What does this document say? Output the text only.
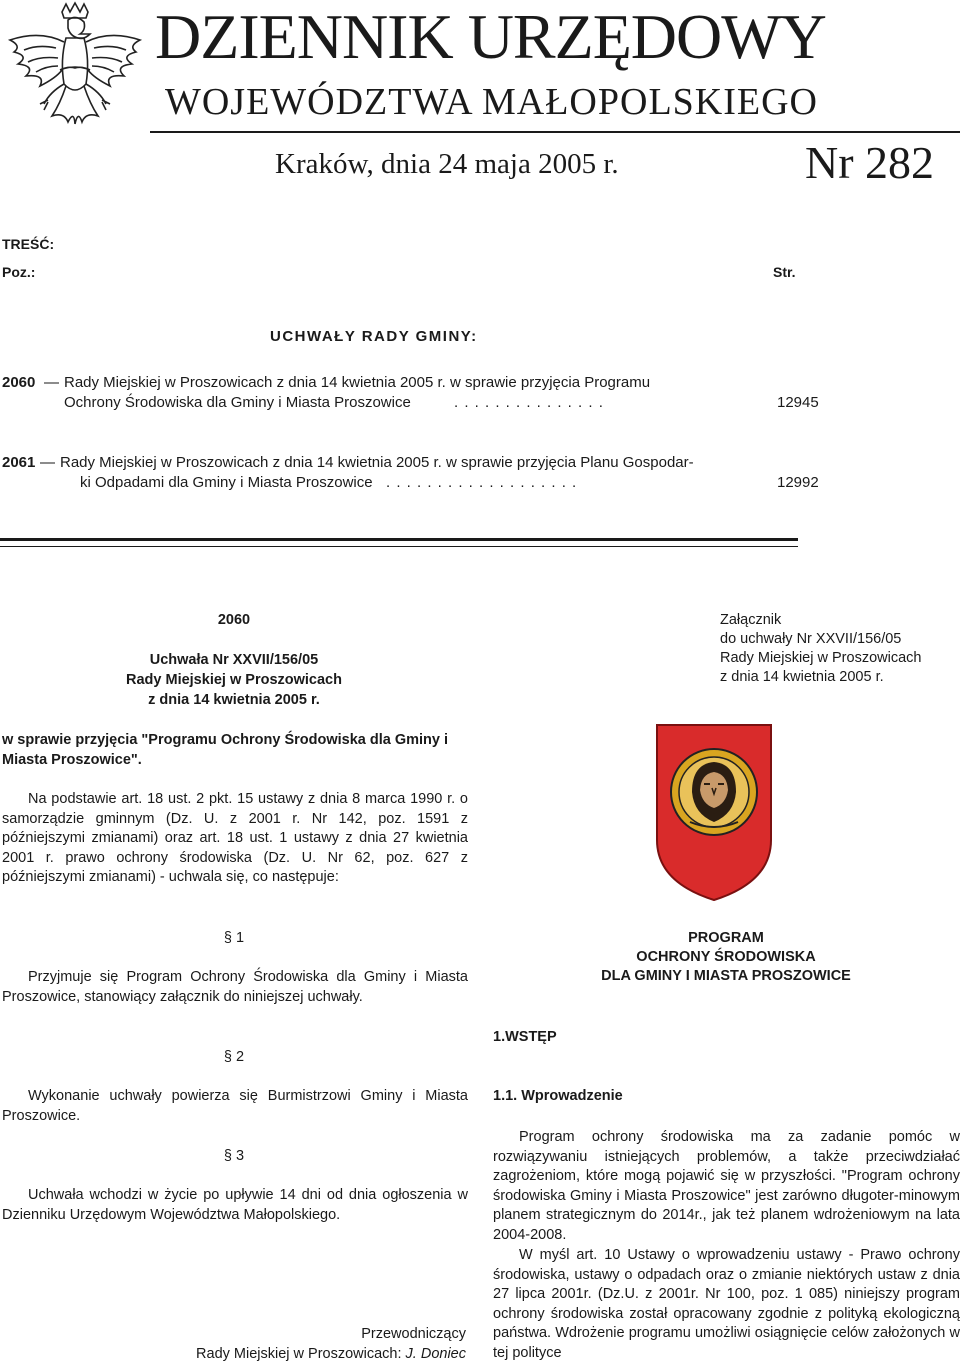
DZIENNIK URZĘDOWY
WOJEWÓDZTWA MAŁOPOLSKIEGO
Kraków, dnia 24 maja 2005 r.	Nr 282
TREŚĆ:
Poz.:	Str.
UCHWAŁY RADY GMINY:
2060 — Rady Miejskiej w Proszowicach z dnia 14 kwietnia 2005 r. w sprawie przyjęcia Programu
Ochrony Środowiska dla Gminy i Miasta Proszowice	. . . . . . . . . . . . . . .	12945
2061 — Rady Miejskiej w Proszowicach z dnia 14 kwietnia 2005 r. w sprawie przyjęcia Planu Gospodar-
ki Odpadami dla Gminy i Miasta Proszowice . . . . . . . . . . . . . . . . . . .	12992
2060
Uchwała Nr XXVII/156/05
Rady Miejskiej w Proszowicach
z dnia 14 kwietnia 2005 r.
w sprawie przyjęcia "Programu Ochrony Środowiska dla Gminy i Miasta Proszowice".
Na podstawie art. 18 ust. 2 pkt. 15 ustawy z dnia 8 marca 1990 r. o samorządzie gminnym (Dz. U. z 2001 r. Nr 142, poz. 1591 z późniejszymi zmianami) oraz art. 18 ust. 1 ustawy z dnia 27 kwietnia 2001 r. prawo ochrony środowiska (Dz. U. Nr 62, poz. 627 z późniejszymi zmianami) - uchwala się, co następuje:
§ 1
Przyjmuje się Program Ochrony Środowiska dla Gminy i Miasta Proszowice, stanowiący załącznik do niniejszej uchwały.
§ 2
Wykonanie uchwały powierza się Burmistrzowi Gminy i Miasta Proszowice.
§ 3
Uchwała wchodzi w życie po upływie 14 dni od dnia ogłoszenia w Dzienniku Urzędowym Województwa Małopolskiego.
Przewodniczący
Rady Miejskiej w Proszowicach: J. Doniec
Załącznik
do uchwały Nr XXVII/156/05
Rady Miejskiej w Proszowicach
z dnia 14 kwietnia 2005 r.
PROGRAM
OCHRONY ŚRODOWISKA
DLA GMINY I MIASTA PROSZOWICE
1.WSTĘP
1.1. Wprowadzenie
Program ochrony środowiska ma za zadanie pomóc w rozwiązywaniu istniejących problemów, a także przeciwdziałać zagrożeniom, które mogą pojawić się w przyszłości. "Program ochrony środowiska Gminy i Miasta Proszowice" jest zarówno długoter-minowym planem strategicznym do 2014r., jak też planem wdrożeniowym na lata 2004-2008.
W myśl art. 10 Ustawy o wprowadzeniu ustawy - Prawo ochrony środowiska, ustawy o odpadach oraz o zmianie niektórych ustaw z dnia 27 lipca 2001r. (Dz.U. z 2001r. Nr 100, poz. 1 085) niniejszy program ochrony środowiska został opracowany zgodnie z polityką ekologiczną państwa. Wdrożenie programu umożliwi osiągnięcie celów założonych w tej polityce
